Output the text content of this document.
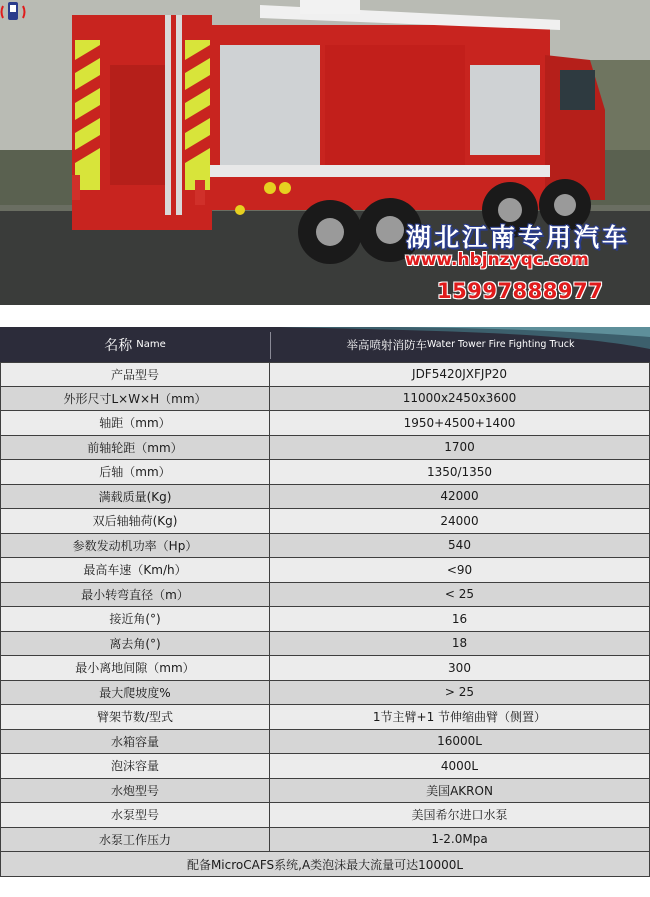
湖北江南专用汽车
www.hbjnzyqc.com
15997888977
名称 Name	举高喷射消防车 Water Tower Fire Fighting Truck
产品型号	JDF5420JXFJP20
外形尺寸L×W×H（mm）	11000x2450x3600
轴距（mm）	1950+4500+1400
前轴轮距（mm）	1700
后轴（mm）	1350/1350
满载质量(Kg)	42000
双后轴轴荷(Kg)	24000
参数发动机功率（Hp）	540
最高车速（Km/h）	<90
最小转弯直径（m）	< 25
接近角(°)	16
离去角(°)	18
最小离地间隙（mm）	300
最大爬坡度%	> 25
臂架节数/型式	1节主臂+1 节伸缩曲臂（侧置）
水箱容量	16000L
泡沫容量	4000L
水炮型号	美国AKRON
水泵型号	美国希尔进口水泵
水泵工作压力	1-2.0Mpa
配备MicroCAFS系统,A类泡沫最大流量可达10000L
